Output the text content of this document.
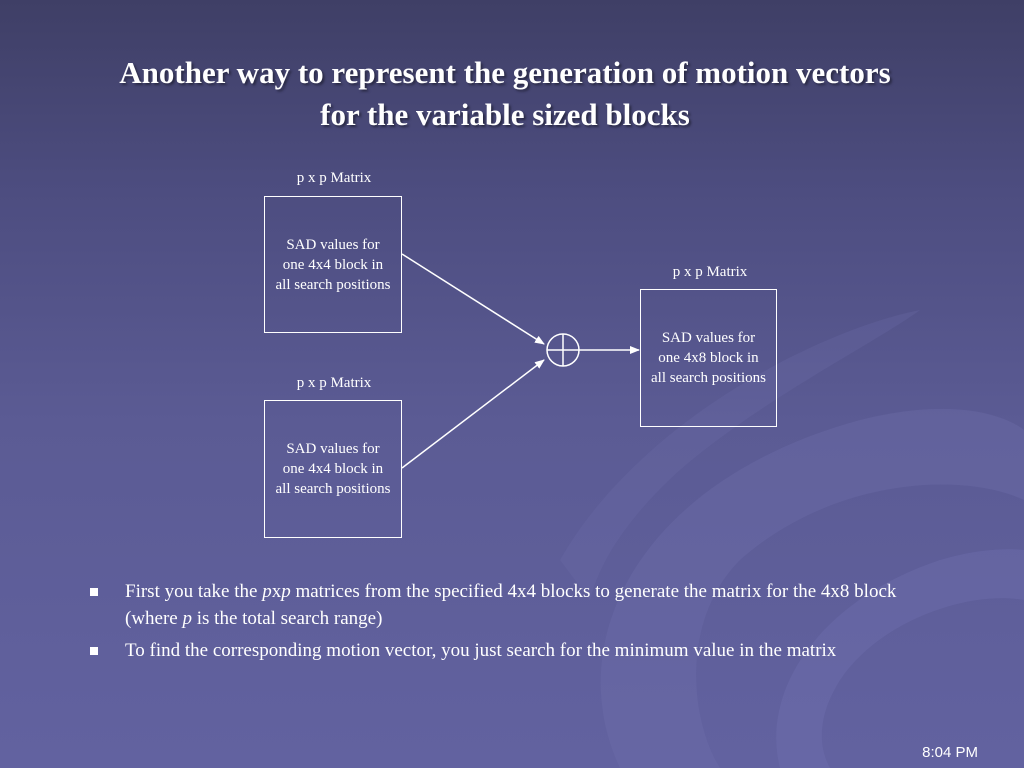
Another way to represent the generation of motion vectors
for the variable sized blocks
p x p Matrix
SAD values for
one 4x4 block in
all search positions
p x p Matrix
SAD values for
one 4x4 block in
all search positions
p x p Matrix
SAD values for
one 4x8 block in
all search positions
First you take the pxp matrices from the specified 4x4 blocks to generate the matrix for the 4x8 block (where p is the total search range)
To find the corresponding motion vector, you just search for the minimum value in the matrix
8:04 PM
